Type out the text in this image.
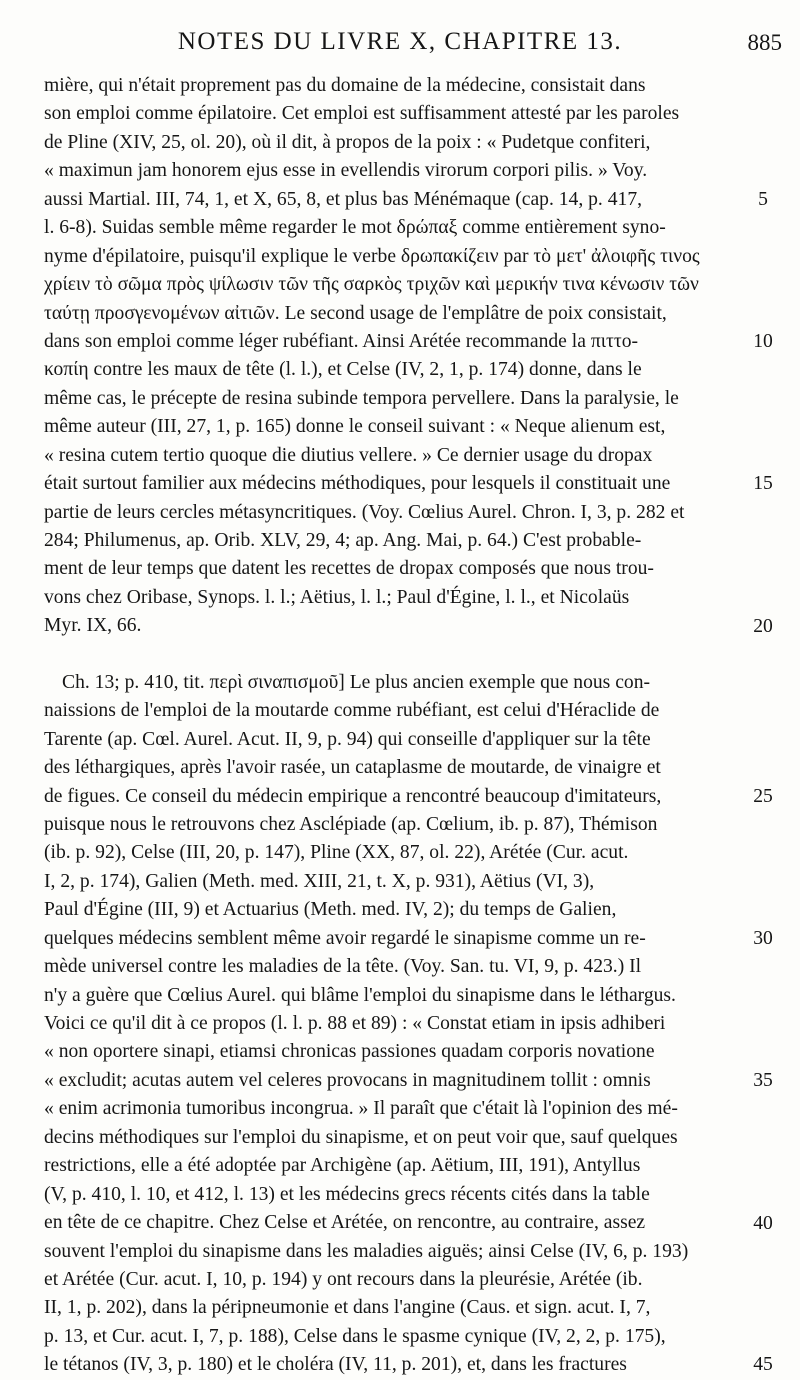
NOTES DU LIVRE X, CHAPITRE 13.	885
mière, qui n'était proprement pas du domaine de la médecine, consistait dans
son emploi comme épilatoire. Cet emploi est suffisamment attesté par les paroles
de Pline (XIV, 25, ol. 20), où il dit, à propos de la poix : « Pudetque confiteri,
« maximun jam honorem ejus esse in evellendis virorum corpori pilis. » Voy.
aussi Martial. III, 74, 1, et X, 65, 8, et plus bas Ménémaque (cap. 14, p. 417,
l. 6-8). Suidas semble même regarder le mot δρώπαξ comme entièrement syno-
nyme d'épilatoire, puisqu'il explique le verbe δρωπακίζειν par τὸ μετ' ἀλοιφῆς τινος
χρίειν τὸ σῶμα πρὸς ψίλωσιν τῶν τῆς σαρκὸς τριχῶν καὶ μερικήν τινα κένωσιν τῶν
ταύτῃ προσγενομένων αἰτιῶν. Le second usage de l'emplâtre de poix consistait,
dans son emploi comme léger rubéfiant. Ainsi Arétée recommande la πιττο-
κοπίη contre les maux de tête (l. l.), et Celse (IV, 2, 1, p. 174) donne, dans le
même cas, le précepte de resina subinde tempora pervellere. Dans la paralysie, le
même auteur (III, 27, 1, p. 165) donne le conseil suivant : « Neque alienum est,
« resina cutem tertio quoque die diutius vellere. » Ce dernier usage du dropax
était surtout familier aux médecins méthodiques, pour lesquels il constituait une
partie de leurs cercles métasyncritiques. (Voy. Cœlius Aurel. Chron. I, 3, p. 282 et
284; Philumenus, ap. Orib. XLV, 29, 4; ap. Ang. Mai, p. 64.) C'est probable-
ment de leur temps que datent les recettes de dropax composés que nous trou-
vons chez Oribase, Synops. l. l.; Aëtius, l. l.; Paul d'Égine, l. l., et Nicolaüs
Myr. IX, 66.
Ch. 13; p. 410, tit. περὶ σιναπισμοῦ] Le plus ancien exemple que nous con-
naissions de l'emploi de la moutarde comme rubéfiant, est celui d'Héraclide de
Tarente (ap. Cœl. Aurel. Acut. II, 9, p. 94) qui conseille d'appliquer sur la tête
des léthargiques, après l'avoir rasée, un cataplasme de moutarde, de vinaigre et
de figues. Ce conseil du médecin empirique a rencontré beaucoup d'imitateurs,
puisque nous le retrouvons chez Asclépiade (ap. Cœlium, ib. p. 87), Thémison
(ib. p. 92), Celse (III, 20, p. 147), Pline (XX, 87, ol. 22), Arétée (Cur. acut.
I, 2, p. 174), Galien (Meth. med. XIII, 21, t. X, p. 931), Aëtius (VI, 3),
Paul d'Égine (III, 9) et Actuarius (Meth. med. IV, 2); du temps de Galien,
quelques médecins semblent même avoir regardé le sinapisme comme un re-
mède universel contre les maladies de la tête. (Voy. San. tu. VI, 9, p. 423.) Il
n'y a guère que Cœlius Aurel. qui blâme l'emploi du sinapisme dans le léthargus.
Voici ce qu'il dit à ce propos (l. l. p. 88 et 89) : « Constat etiam in ipsis adhiberi
« non oportere sinapi, etiamsi chronicas passiones quadam corporis novatione
« excludit; acutas autem vel celeres provocans in magnitudinem tollit : omnis
« enim acrimonia tumoribus incongrua. » Il paraît que c'était là l'opinion des mé-
decins méthodiques sur l'emploi du sinapisme, et on peut voir que, sauf quelques
restrictions, elle a été adoptée par Archigène (ap. Aëtium, III, 191), Antyllus
(V, p. 410, l. 10, et 412, l. 13) et les médecins grecs récents cités dans la table
en tête de ce chapitre. Chez Celse et Arétée, on rencontre, au contraire, assez
souvent l'emploi du sinapisme dans les maladies aiguës; ainsi Celse (IV, 6, p. 193)
et Arétée (Cur. acut. I, 10, p. 194) y ont recours dans la pleurésie, Arétée (ib.
II, 1, p. 202), dans la péripneumonie et dans l'angine (Caus. et sign. acut. I, 7,
p. 13, et Cur. acut. I, 7, p. 188), Celse dans le spasme cynique (IV, 2, 2, p. 175),
le tétanos (IV, 3, p. 180) et le choléra (IV, 11, p. 201), et, dans les fractures
5
10
15
20
25
30
35
40
45
